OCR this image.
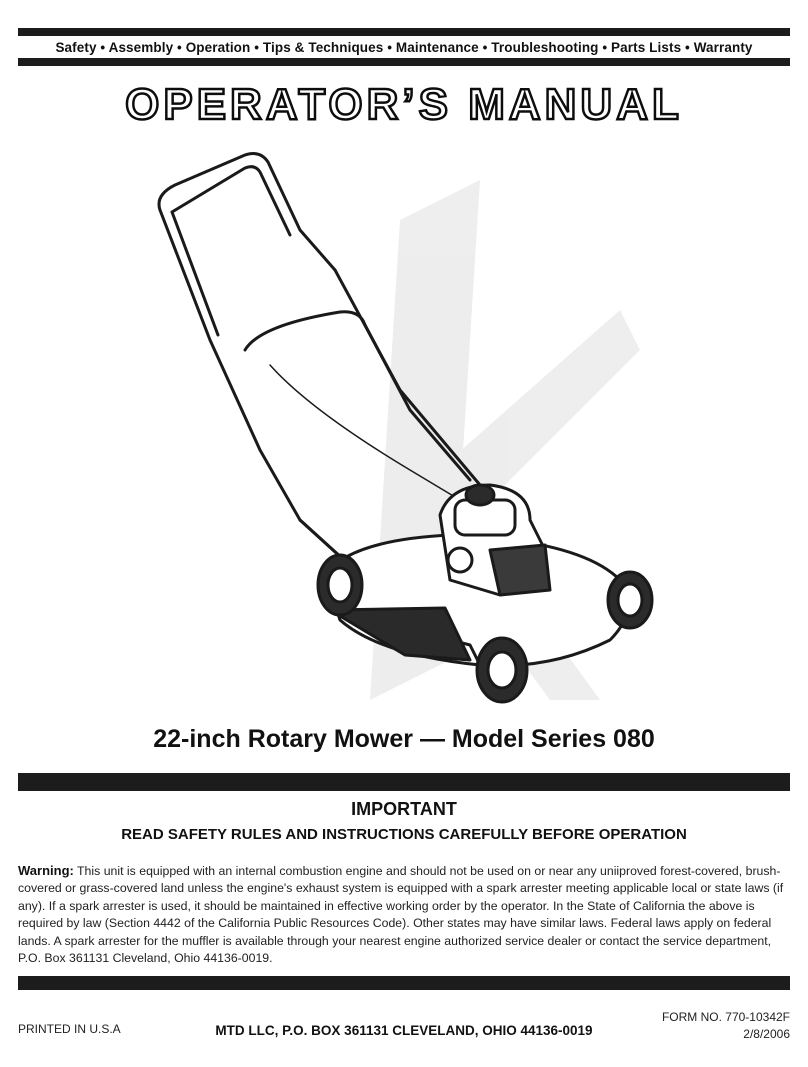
Safety • Assembly • Operation • Tips & Techniques • Maintenance • Troubleshooting • Parts Lists • Warranty
OPERATOR’S MANUAL
22-inch Rotary Mower — Model Series 080
IMPORTANT
READ SAFETY RULES AND INSTRUCTIONS CAREFULLY BEFORE OPERATION
Warning: This unit is equipped with an internal combustion engine and should not be used on or near any uniiproved forest-covered, brush-covered or grass-covered land unless the engine's exhaust system is equipped with a spark arrester meeting applicable local or state laws (if any). If a spark arrester is used, it should be maintained in effective working order by the operator. In the State of California the above is required by law (Section 4442 of the California Public Resources Code). Other states may have similar laws. Federal laws apply on federal lands. A spark arrester for the muffler is available through your nearest engine authorized service dealer or contact the service department, P.O. Box 361131 Cleveland, Ohio 44136-0019.
PRINTED IN U.S.A	MTD LLC, P.O. BOX 361131 CLEVELAND, OHIO 44136-0019
FORM NO. 770-10342F
2/8/2006
